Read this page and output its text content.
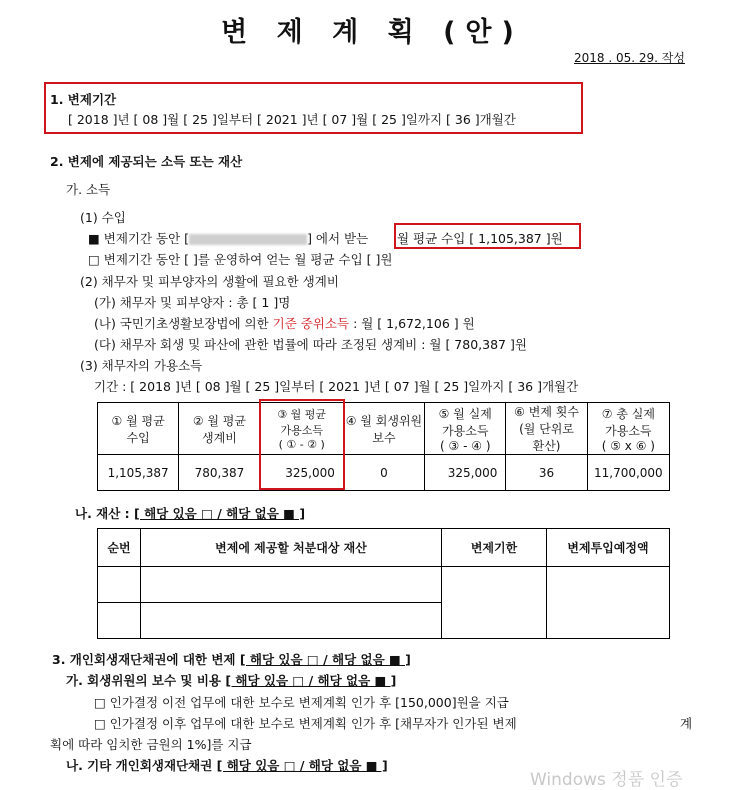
변 제 계 획 (안)
2018 . 05. 29. 작성
1. 변제기간
[ 2018 ]년 [ 08 ]월 [ 25 ]일부터 [ 2021 ]년 [ 07 ]월 [ 25 ]일까지 [ 36 ]개월간
2. 변제에 제공되는 소득 또는 재산
가. 소득
(1) 수입
■ 변제기간 동안 [	] 에서 받는 월 평균 수입 [ 1,105,387 ]원
□ 변제기간 동안 [ ]를 운영하여 얻는 월 평균 수입 [ ]원
(2) 채무자 및 피부양자의 생활에 필요한 생계비
(가) 채무자 및 피부양자 : 총 [ 1 ]명
(나) 국민기초생활보장법에 의한 기준 중위소득 : 월 [ 1,672,106 ] 원
(다) 채무자 회생 및 파산에 관한 법률에 따라 조정된 생계비 : 월 [ 780,387 ]원
(3) 채무자의 가용소득
기간 : [ 2018 ]년 [ 08 ]월 [ 25 ]일부터 [ 2021 ]년 [ 07 ]월 [ 25 ]일까지 [ 36 ]개월간
① 월 평균
수입	② 월 평균
생계비	③ 월 평균
가용소득
( ① - ② )	④ 월 회생위원
보수	⑤ 월 실제
가용소득
( ③ - ④ )	⑥ 변제 횟수
(월 단위로
환산)	⑦ 총 실제
가용소득
( ⑤ x ⑥ )
1,105,387	780,387	325,000	0	325,000	36	11,700,000
나. 재산 : [ 해당 있음 □ / 해당 없음 ■ ]
순번	변제에 제공할 처분대상 재산	변제기한	변제투입예정액

3. 개인회생재단채권에 대한 변제 [ 해당 있음 □ / 해당 없음 ■ ]
가. 회생위원의 보수 및 비용 [ 해당 있음 □ / 해당 없음 ■ ]
□ 인가결정 이전 업무에 대한 보수로 변제계획 인가 후 [150,000]원을 지급
□ 인가결정 이후 업무에 대한 보수로 변제계획 인가 후 [채무자가 인가된 변제	계
획에 따라 임치한 금원의 1%]를 지급
나. 기타 개인회생재단채권 [ 해당 있음 □ / 해당 없음 ■ ]

Windows 정품 인증
